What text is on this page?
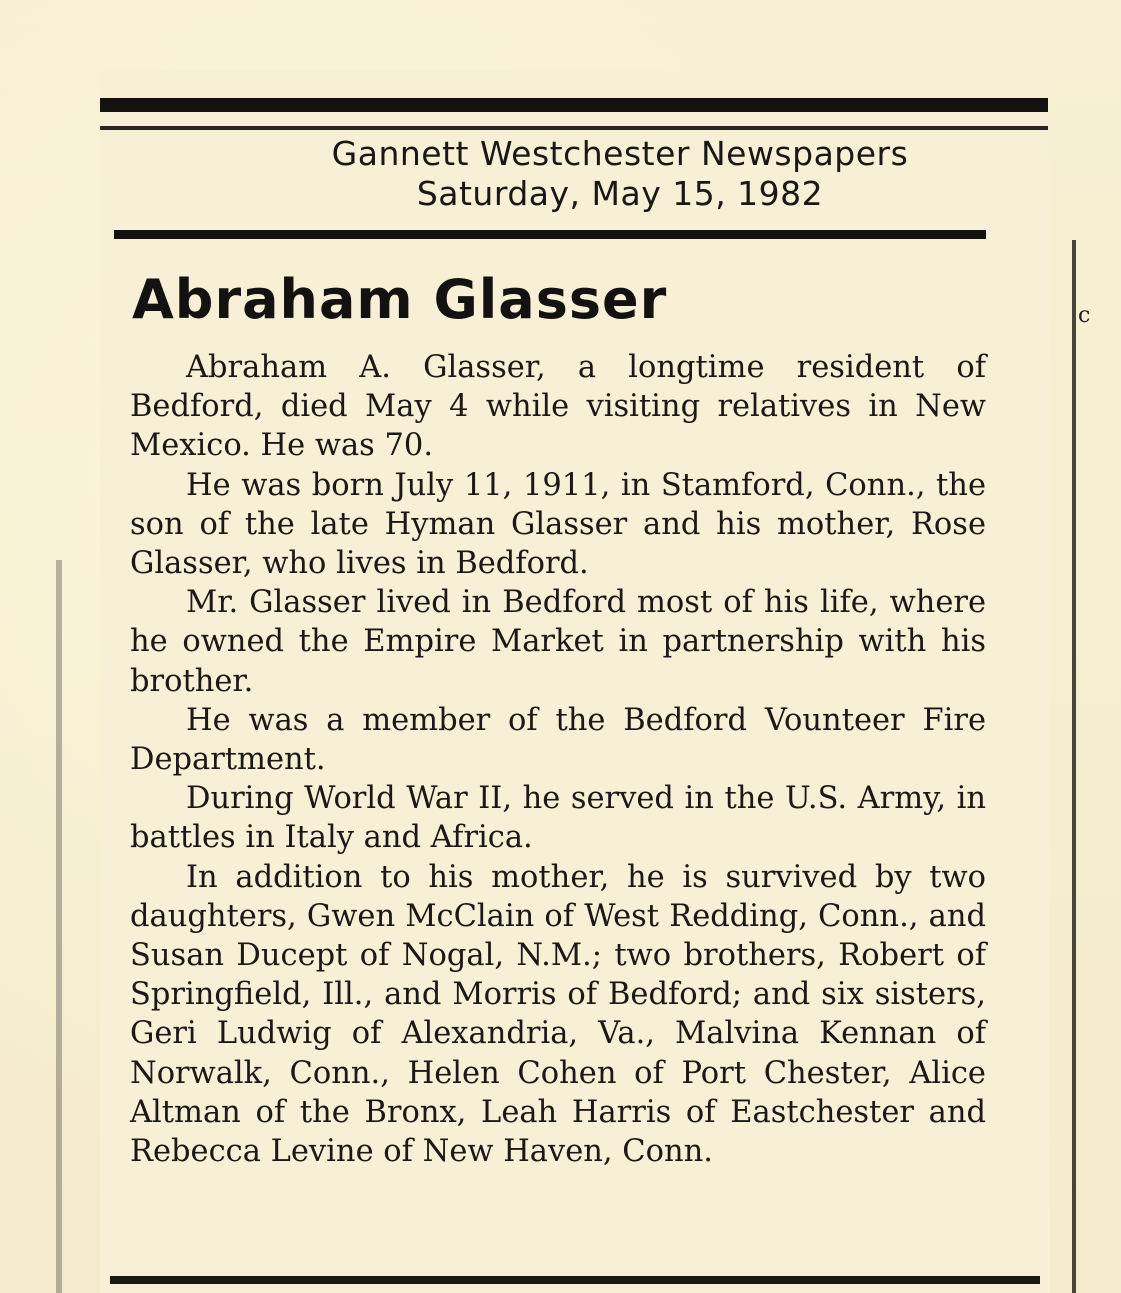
Gannett Westchester Newspapers
Saturday, May 15, 1982
Abraham Glasser

Abraham A. Glasser, a longtime resident of Bedford, died May 4 while visiting relatives in New Mexico. He was 70.

He was born July 11, 1911, in Stamford, Conn., the son of the late Hyman Glasser and his mother, Rose Glasser, who lives in Bedford.

Mr. Glasser lived in Bedford most of his life, where he owned the Empire Market in partnership with his brother.

He was a member of the Bedford Vounteer Fire Department.

During World War II, he served in the U.S. Army, in battles in Italy and Africa.

In addition to his mother, he is survived by two daughters, Gwen McClain of West Redding, Conn., and Susan Ducept of Nogal, N.M.; two brothers, Robert of Springfield, Ill., and Morris of Bedford; and six sisters, Geri Ludwig of Alexandria, Va., Malvina Kennan of Norwalk, Conn., Helen Cohen of Port Chester, Alice Altman of the Bronx, Leah Harris of Eastchester and Rebecca Levine of New Haven, Conn.

c
